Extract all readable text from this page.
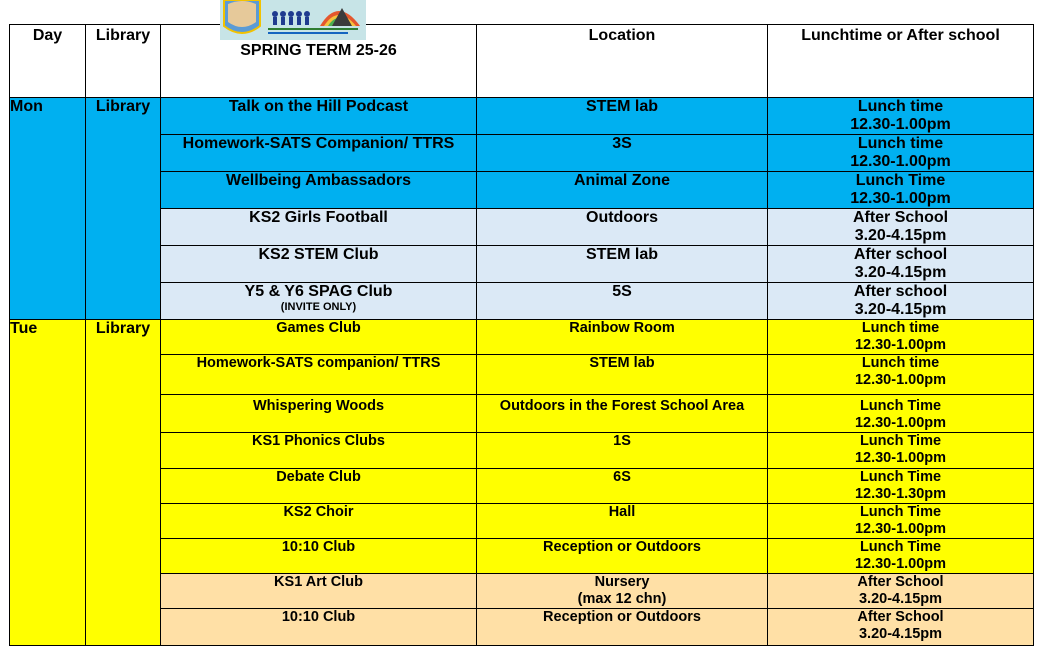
Day	Library	SPRING TERM 25-26	Location	Lunchtime or After school
Mon	Library	Talk on the Hill Podcast	STEM lab	Lunch time
12.30-1.00pm
		Homework-SATS Companion/ TTRS	3S	Lunch time
12.30-1.00pm
		Wellbeing Ambassadors	Animal Zone	Lunch Time
12.30-1.00pm
		KS2 Girls Football	Outdoors	After School
3.20-4.15pm
		KS2 STEM Club	STEM lab	After school
3.20-4.15pm
		Y5 & Y6 SPAG Club
(INVITE ONLY)	5S	After school
3.20-4.15pm
Tue	Library	Games Club	Rainbow Room	Lunch time
12.30-1.00pm
		Homework-SATS companion/ TTRS	STEM lab	Lunch time
12.30-1.00pm
		Whispering Woods	Outdoors in the Forest School Area	Lunch Time
12.30-1.00pm
		KS1 Phonics Clubs	1S	Lunch Time
12.30-1.00pm
		Debate Club	6S	Lunch Time
12.30-1.30pm
		KS2 Choir	Hall	Lunch Time
12.30-1.00pm
		10:10 Club	Reception or Outdoors	Lunch Time
12.30-1.00pm
		KS1 Art Club	Nursery
(max 12 chn)	After School
3.20-4.15pm
		10:10 Club	Reception or Outdoors	After School
3.20-4.15pm
